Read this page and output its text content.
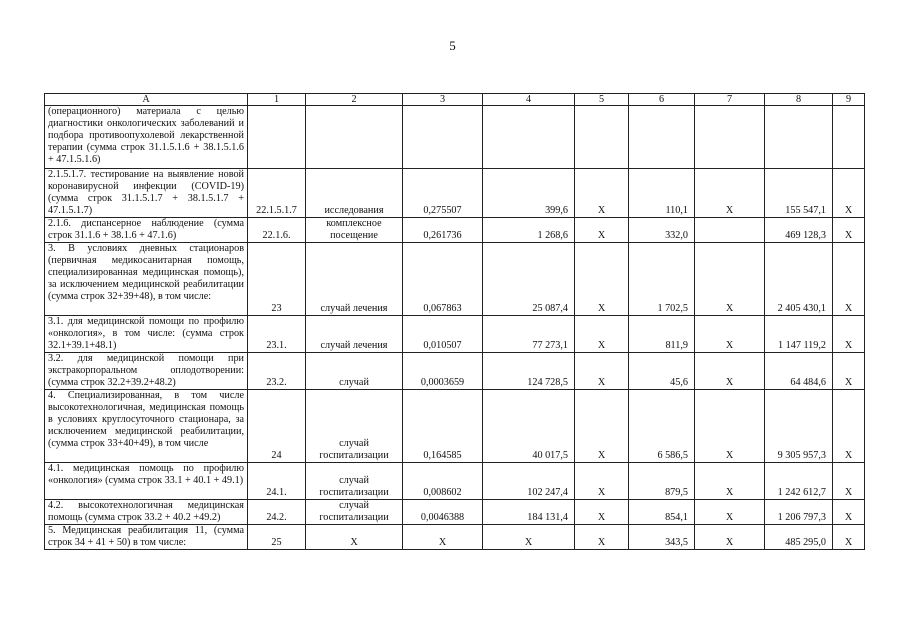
5
А	1	2	3	4	5	6	7	8	9
(операционного) материала с целью диагностики онкологических заболеваний и подбора противоопухолевой лекарственной терапии (сумма строк 31.1.5.1.6 + 38.1.5.1.6 + 47.1.5.1.6)									
2.1.5.1.7. тестирование на выявление новой коронавирусной инфекции (COVID-19) (сумма строк 31.1.5.1.7 + 38.1.5.1.7 + 47.1.5.1.7)	22.1.5.1.7	исследования	0,275507	399,6	Х	110,1	Х	155 547,1	Х
2.1.6. диспансерное наблюдение (сумма строк 31.1.6 + 38.1.6 + 47.1.6)	22.1.6.	комплексное посещение	0,261736	1 268,6	Х	332,0		469 128,3	Х
3. В условиях дневных стационаров (первичная медикосанитарная помощь, специализированная медицинская помощь), за исключением медицинской реабилитации (сумма строк 32+39+48), в том числе:	23	случай лечения	0,067863	25 087,4	Х	1 702,5	Х	2 405 430,1	Х
3.1. для медицинской помощи по профилю «онкология», в том числе: (сумма строк 32.1+39.1+48.1)	23.1.	случай лечения	0,010507	77 273,1	Х	811,9	Х	1 147 119,2	Х
3.2. для медицинской помощи при экстракорпоральном оплодотворении: (сумма строк 32.2+39.2+48.2)	23.2.	случай	0,0003659	124 728,5	Х	45,6	Х	64 484,6	Х
4. Специализированная, в том числе высокотехнологичная, медицинская помощь в условиях круглосуточного стационара, за исключением медицинской реабилитации, (сумма строк 33+40+49), в том числе	24	случай госпитализации	0,164585	40 017,5	Х	6 586,5	Х	9 305 957,3	Х
4.1. медицинская помощь по профилю «онкология» (сумма строк 33.1 + 40.1 + 49.1)	24.1.	случай госпитализации	0,008602	102 247,4	Х	879,5	Х	1 242 612,7	Х
4.2. высокотехнологичная медицинская помощь (сумма строк 33.2 + 40.2 +49.2)	24.2.	случай госпитализации	0,0046388	184 131,4	Х	854,1	Х	1 206 797,3	Х
5. Медицинская реабилитация 11, (сумма строк 34 + 41 + 50) в том числе:	25	Х	Х	Х	Х	343,5	Х	485 295,0	Х
